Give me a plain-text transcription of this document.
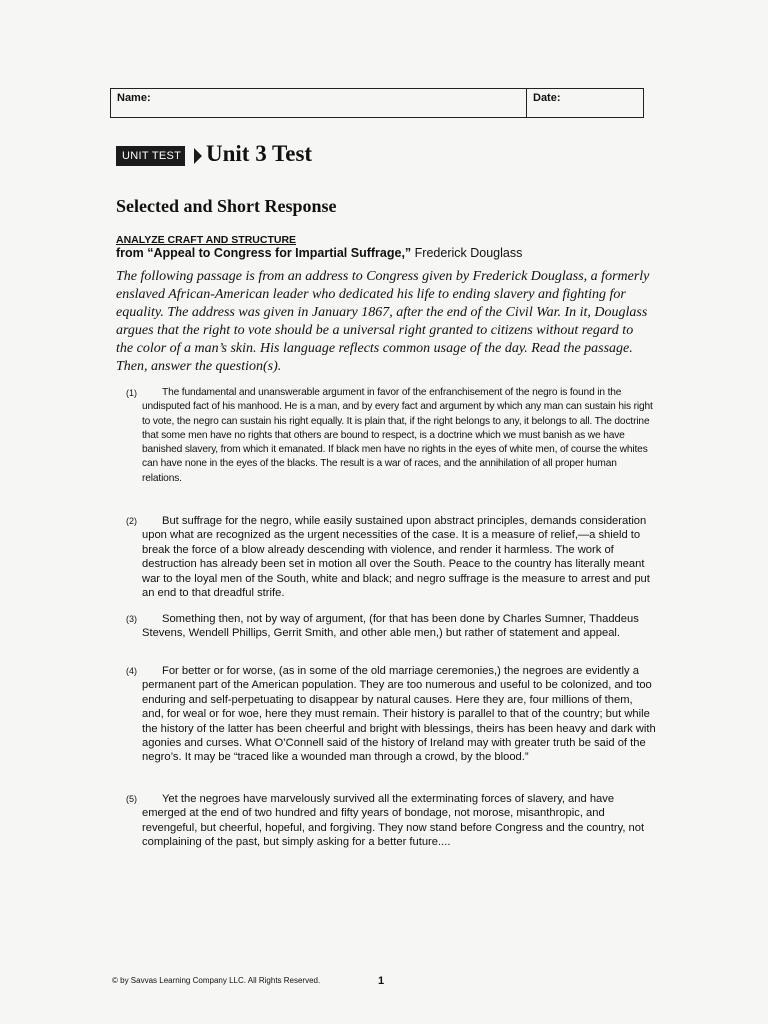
Name:	Date:
UNIT TEST Unit 3 Test
Selected and Short Response
ANALYZE CRAFT AND STRUCTURE
from “Appeal to Congress for Impartial Suffrage,” Frederick Douglass
The following passage is from an address to Congress given by Frederick Douglass, a formerly enslaved African-American leader who dedicated his life to ending slavery and fighting for equality. The address was given in January 1867, after the end of the Civil War. In it, Douglass argues that the right to vote should be a universal right granted to citizens without regard to the color of a man’s skin. His language reflects common usage of the day. Read the passage. Then, answer the question(s).
(1)	The fundamental and unanswerable argument in favor of the enfranchisement of the negro is found in the undisputed fact of his manhood. He is a man, and by every fact and argument by which any man can sustain his right to vote, the negro can sustain his right equally. It is plain that, if the right belongs to any, it belongs to all. The doctrine that some men have no rights that others are bound to respect, is a doctrine which we must banish as we have banished slavery, from which it emanated. If black men have no rights in the eyes of white men, of course the whites can have none in the eyes of the blacks. The result is a war of races, and the annihilation of all proper human relations.
(2)	But suffrage for the negro, while easily sustained upon abstract principles, demands consideration upon what are recognized as the urgent necessities of the case. It is a measure of relief,—a shield to break the force of a blow already descending with violence, and render it harmless. The work of destruction has already been set in motion all over the South. Peace to the country has literally meant war to the loyal men of the South, white and black; and negro suffrage is the measure to arrest and put an end to that dreadful strife.
(3)	Something then, not by way of argument, (for that has been done by Charles Sumner, Thaddeus Stevens, Wendell Phillips, Gerrit Smith, and other able men,) but rather of statement and appeal.
(4)	For better or for worse, (as in some of the old marriage ceremonies,) the negroes are evidently a permanent part of the American population. They are too numerous and useful to be colonized, and too enduring and self-perpetuating to disappear by natural causes. Here they are, four millions of them, and, for weal or for woe, here they must remain. Their history is parallel to that of the country; but while the history of the latter has been cheerful and bright with blessings, theirs has been heavy and dark with agonies and curses. What O’Connell said of the history of Ireland may with greater truth be said of the negro’s. It may be “traced like a wounded man through a crowd, by the blood.”
(5)	Yet the negroes have marvelously survived all the exterminating forces of slavery, and have emerged at the end of two hundred and fifty years of bondage, not morose, misanthropic, and revengeful, but cheerful, hopeful, and forgiving. They now stand before Congress and the country, not complaining of the past, but simply asking for a better future....
© by Savvas Learning Company LLC. All Rights Reserved.	1
